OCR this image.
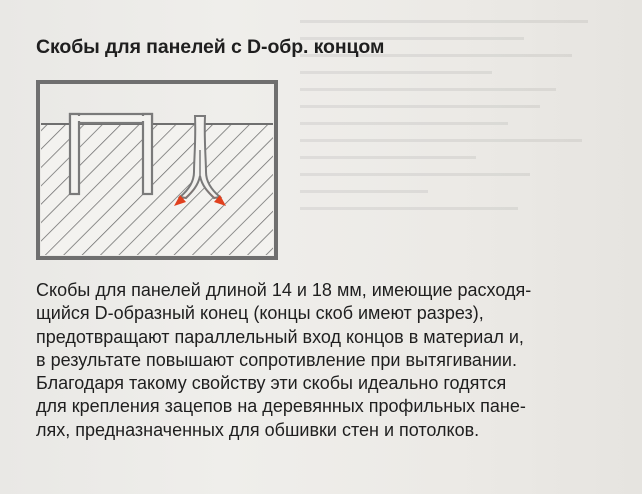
Скобы для панелей с D-обр. концом

Скобы для панелей длиной 14 и 18 мм, имеющие расходя-
щийся D-образный конец (концы скоб имеют разрез),
предотвращают параллельный вход концов в материал и,
в результате повышают сопротивление при вытягивании.
Благодаря такому свойству эти скобы идеально годятся
для крепления зацепов на деревянных профильных пане-
лях, предназначенных для обшивки стен и потолков.
